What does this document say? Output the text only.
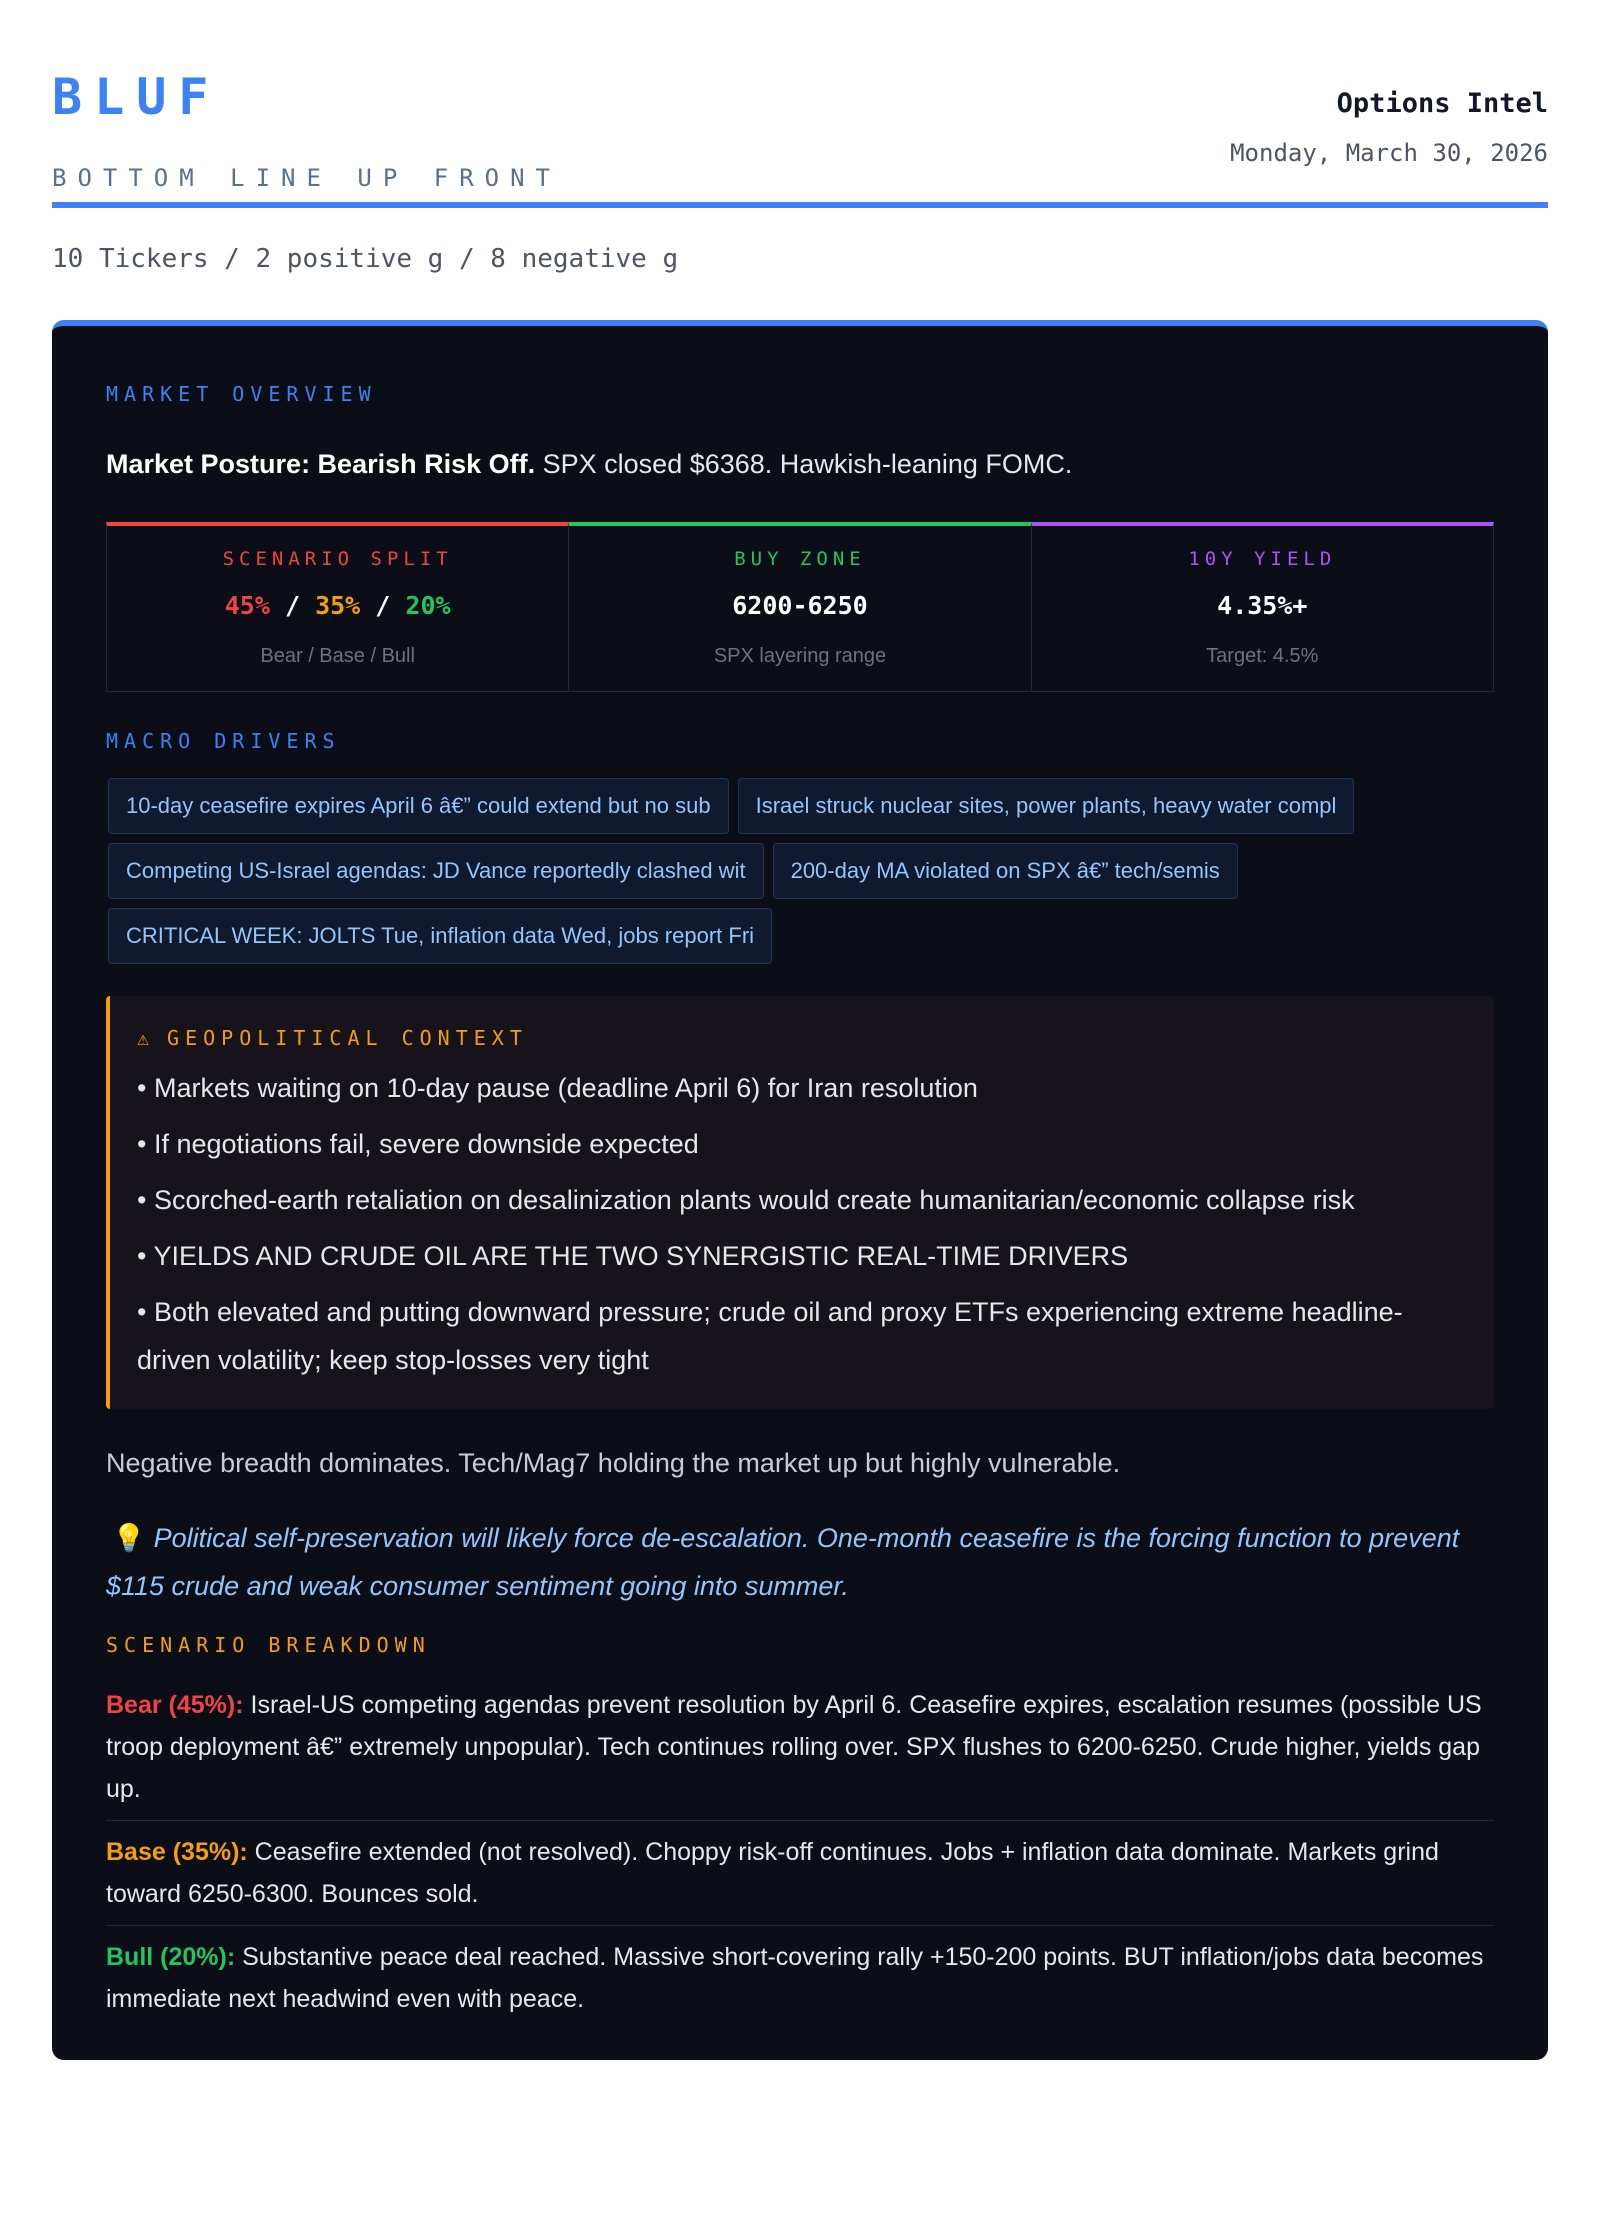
BLUF
BOTTOM LINE UP FRONT
Options Intel
Monday, March 30, 2026
10 Tickers / 2 positive g / 8 negative g
MARKET OVERVIEW
Market Posture: Bearish Risk Off. SPX closed $6368. Hawkish-leaning FOMC.
SCENARIO SPLIT
45% / 35% / 20%
Bear / Base / Bull
BUY ZONE
6200-6250
SPX layering range
10Y YIELD
4.35%+
Target: 4.5%
MACRO DRIVERS
10-day ceasefire expires April 6 â€” could extend but no sub	Israel struck nuclear sites, power plants, heavy water compl
Competing US-Israel agendas: JD Vance reportedly clashed wit	200-day MA violated on SPX â€” tech/semis
CRITICAL WEEK: JOLTS Tue, inflation data Wed, jobs report Fri
⚠ GEOPOLITICAL CONTEXT
• Markets waiting on 10-day pause (deadline April 6) for Iran resolution
• If negotiations fail, severe downside expected
• Scorched-earth retaliation on desalinization plants would create humanitarian/economic collapse risk
• YIELDS AND CRUDE OIL ARE THE TWO SYNERGISTIC REAL-TIME DRIVERS
• Both elevated and putting downward pressure; crude oil and proxy ETFs experiencing extreme headline-driven volatility; keep stop-losses very tight
Negative breadth dominates. Tech/Mag7 holding the market up but highly vulnerable.
💡 Political self-preservation will likely force de-escalation. One-month ceasefire is the forcing function to prevent $115 crude and weak consumer sentiment going into summer.
SCENARIO BREAKDOWN
Bear (45%): Israel-US competing agendas prevent resolution by April 6. Ceasefire expires, escalation resumes (possible US troop deployment â€” extremely unpopular). Tech continues rolling over. SPX flushes to 6200-6250. Crude higher, yields gap up.
Base (35%): Ceasefire extended (not resolved). Choppy risk-off continues. Jobs + inflation data dominate. Markets grind toward 6250-6300. Bounces sold.
Bull (20%): Substantive peace deal reached. Massive short-covering rally +150-200 points. BUT inflation/jobs data becomes immediate next headwind even with peace.
